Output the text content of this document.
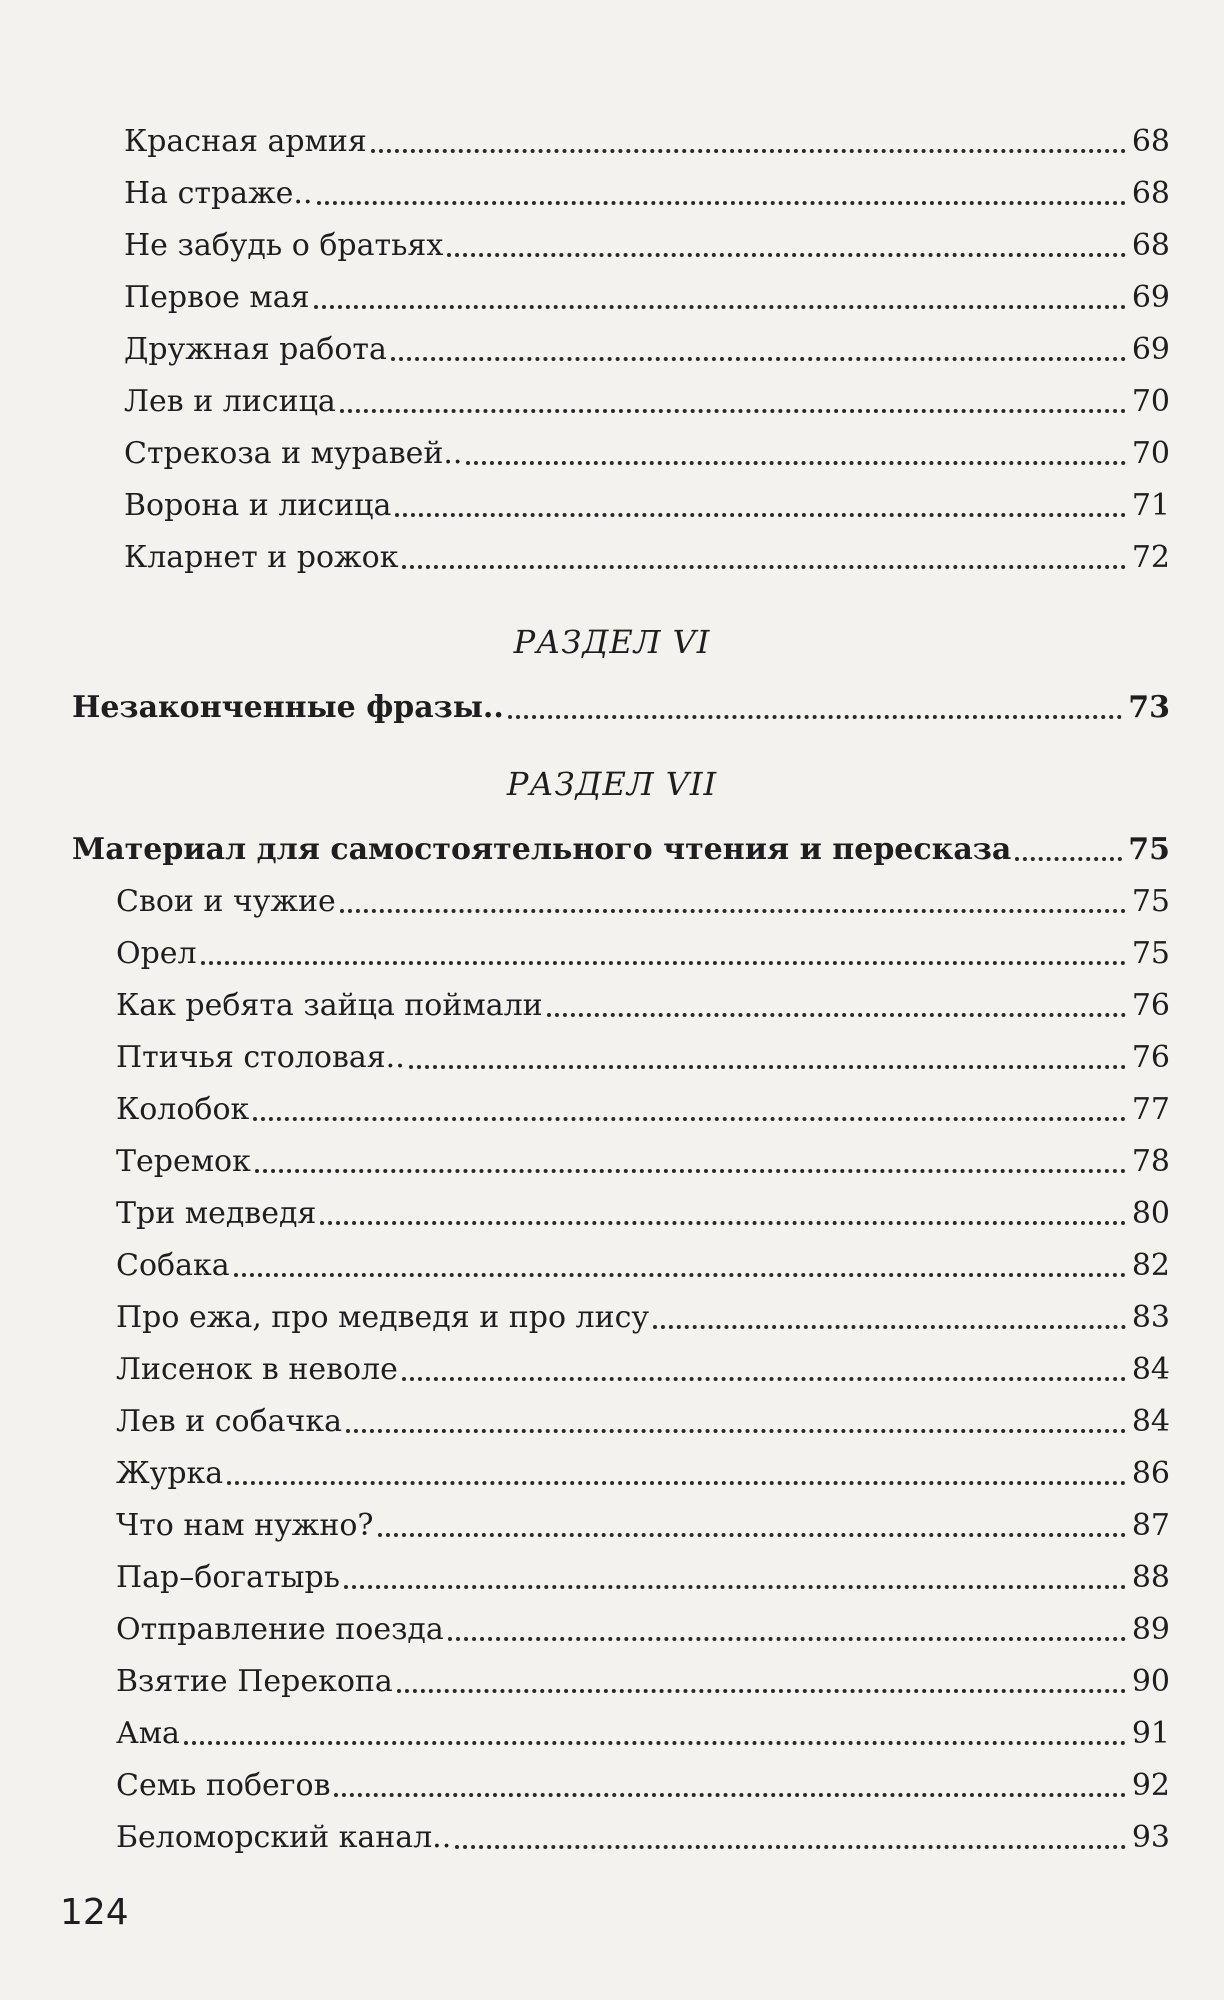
Красная армия	68
На страже..	68
Не забудь о братьях	68
Первое мая	69
Дружная работа	69
Лев и лисица	70
Стрекоза и муравей..	70
Ворона и лисица	71
Кларнет и рожок	72
РАЗДЕЛ VI
Незаконченные фразы..	73
РАЗДЕЛ VII
Материал для самостоятельного чтения и пересказа	75
Свои и чужие	75
Орел	75
Как ребята зайца поймали	76
Птичья столовая..	76
Колобок	77
Теремок	78
Три медведя	80
Собака	82
Про ежа, про медведя и про лису	83
Лисенок в неволе	84
Лев и собачка	84
Журка	86
Что нам нужно?	87
Пар–богатырь	88
Отправление поезда	89
Взятие Перекопа	90
Ама	91
Семь побегов	92
Беломорский канал..	93
124
